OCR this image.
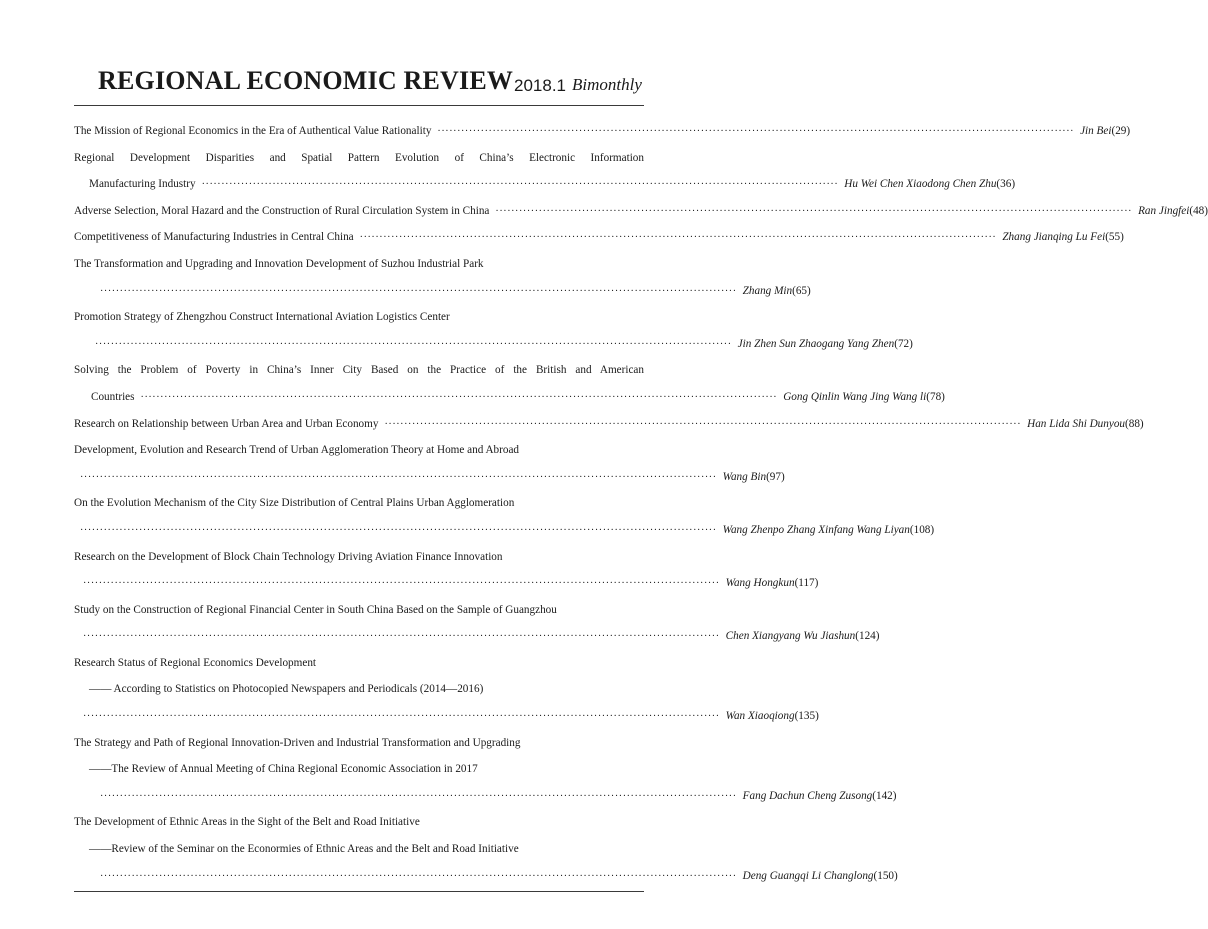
REGIONAL ECONOMIC REVIEW 2018.1 Bimonthly
The Mission of Regional Economics in the Era of Authentical Value Rationality ·································································································································································· Jin Bei (29)
Regional Development Disparities and Spatial Pattern Evolution of China’s Electronic Information
Manufacturing Industry ·································································································································································· Hu Wei Chen Xiaodong Chen Zhu (36)
Adverse Selection, Moral Hazard and the Construction of Rural Circulation System in China ·································································································································································· Ran Jingfei (48)
Competitiveness of Manufacturing Industries in Central China ·································································································································································· Zhang Jianqing Lu Fei (55)
The Transformation and Upgrading and Innovation Development of Suzhou Industrial Park
·································································································································································· Zhang Min (65)
Promotion Strategy of Zhengzhou Construct International Aviation Logistics Center
·································································································································································· Jin Zhen Sun Zhaogang Yang Zhen (72)
Solving the Problem of Poverty in China’s Inner City Based on the Practice of the British and American
Countries ·································································································································································· Gong Qinlin Wang Jing Wang li (78)
Research on Relationship between Urban Area and Urban Economy ·································································································································································· Han Lida Shi Dunyou (88)
Development, Evolution and Research Trend of Urban Agglomeration Theory at Home and Abroad
·································································································································································· Wang Bin (97)
On the Evolution Mechanism of the City Size Distribution of Central Plains Urban Agglomeration
·································································································································································· Wang Zhenpo Zhang Xinfang Wang Liyan (108)
Research on the Development of Block Chain Technology Driving Aviation Finance Innovation
·································································································································································· Wang Hongkun (117)
Study on the Construction of Regional Financial Center in South China Based on the Sample of Guangzhou
·································································································································································· Chen Xiangyang Wu Jiashun (124)
Research Status of Regional Economics Development
—— According to Statistics on Photocopied Newspapers and Periodicals (2014—2016)
·································································································································································· Wan Xiaoqiong (135)
The Strategy and Path of Regional Innovation-Driven and Industrial Transformation and Upgrading
——The Review of Annual Meeting of China Regional Economic Association in 2017
·································································································································································· Fang Dachun Cheng Zusong (142)
The Development of Ethnic Areas in the Sight of the Belt and Road Initiative
——Review of the Seminar on the Econormies of Ethnic Areas and the Belt and Road Initiative
·································································································································································· Deng Guangqi Li Changlong (150)
